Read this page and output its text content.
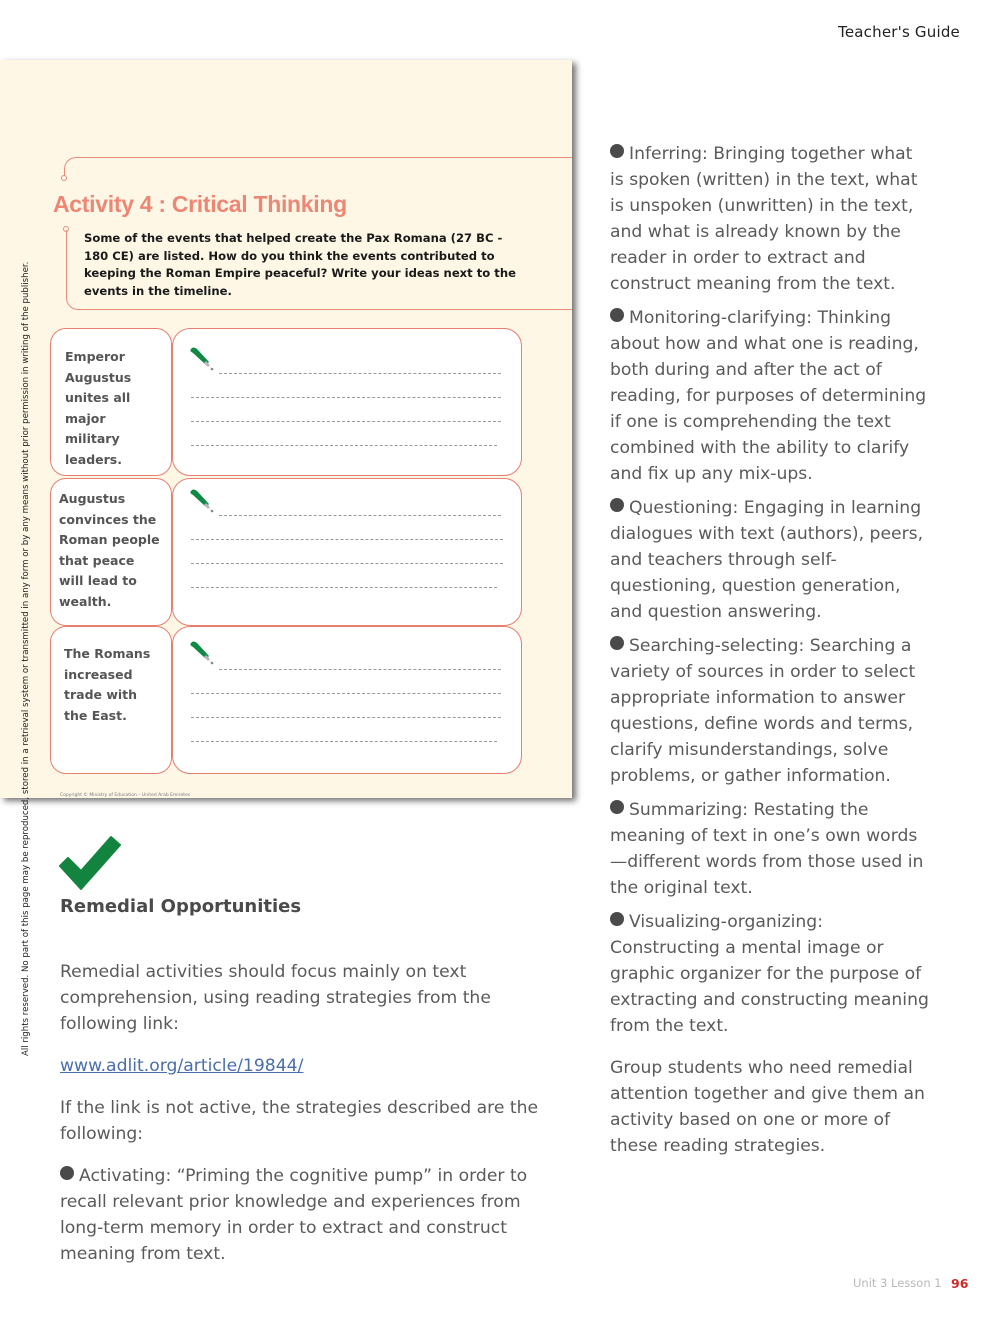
Teacher's Guide
All rights reserved. No part of this page may be reproduced, stored in a retrieval system or transmitted in any form or by any means without prior permission in writing of the publisher.
Activity 4 : Critical Thinking

Some of the events that helped create the Pax Romana (27 BC - 180 CE) are listed. How do you think the events contributed to keeping the Roman Empire peaceful? Write your ideas next to the events in the timeline.

Emperor Augustus unites all major military leaders.
Augustus convinces the Roman people that peace will lead to wealth.
The Romans increased trade with the East.
Copyright © Ministry of Education – United Arab Emirates
Remedial Opportunities

Remedial activities should focus mainly on text comprehension, using reading strategies from the following link:

www.adlit.org/article/19844/

If the link is not active, the strategies described are the following:

Activating: “Priming the cognitive pump” in order to recall relevant prior knowledge and experiences from long-term memory in order to extract and construct meaning from text.

Inferring: Bringing together what is spoken (written) in the text, what is unspoken (unwritten) in the text, and what is already known by the reader in order to extract and construct meaning from the text.

Monitoring-clarifying: Thinking about how and what one is reading, both during and after the act of reading, for purposes of determining if one is comprehending the text combined with the ability to clarify and fix up any mix-ups.

Questioning: Engaging in learning dialogues with text (authors), peers, and teachers through self-questioning, question generation, and question answering.

Searching-selecting: Searching a variety of sources in order to select appropriate information to answer questions, define words and terms, clarify misunderstandings, solve problems, or gather information.

Summarizing: Restating the meaning of text in one’s own words—different words from those used in the original text.

Visualizing-organizing: Constructing a mental image or graphic organizer for the purpose of extracting and constructing meaning from the text.

Group students who need remedial attention together and give them an activity based on one or more of these reading strategies.

Unit 3 Lesson 1 96
